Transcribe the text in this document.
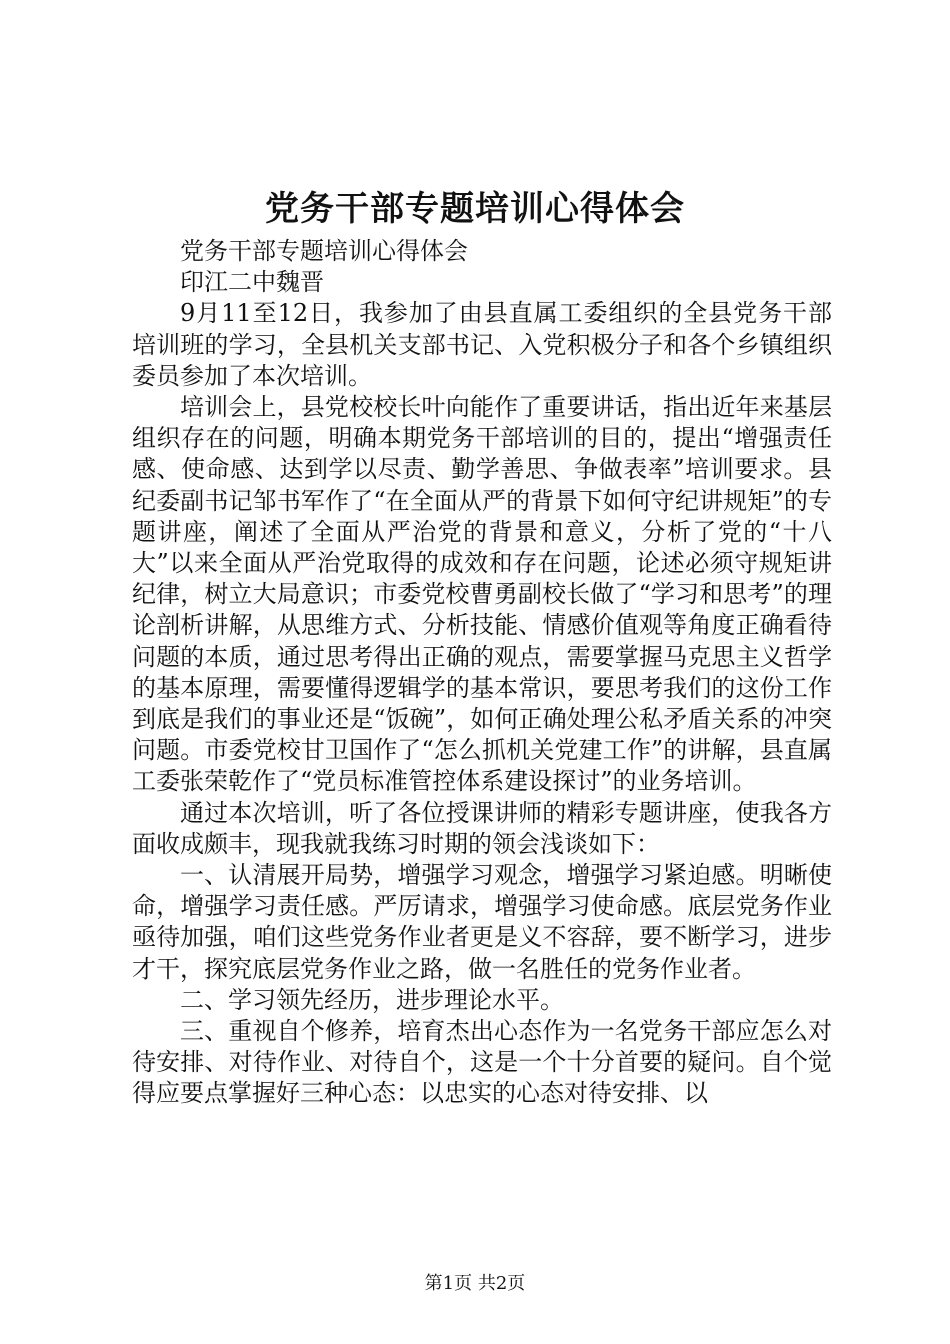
党务干部专题培训心得体会

党务干部专题培训心得体会

印江二中魏晋

9月11至12日，我参加了由县直属工委组织的全县党务干部培训班的学习，全县机关支部书记、入党积极分子和各个乡镇组织委员参加了本次培训。

培训会上，县党校校长叶向能作了重要讲话，指出近年来基层组织存在的问题，明确本期党务干部培训的目的，提出“增强责任感、使命感、达到学以尽责、勤学善思、争做表率”培训要求。县纪委副书记邹书军作了“在全面从严的背景下如何守纪讲规矩”的专题讲座，阐述了全面从严治党的背景和意义，分析了党的“十八大”以来全面从严治党取得的成效和存在问题，论述必须守规矩讲纪律，树立大局意识；市委党校曹勇副校长做了“学习和思考”的理论剖析讲解，从思维方式、分析技能、情感价值观等角度正确看待问题的本质，通过思考得出正确的观点，需要掌握马克思主义哲学的基本原理，需要懂得逻辑学的基本常识，要思考我们的这份工作到底是我们的事业还是“饭碗”，如何正确处理公私矛盾关系的冲突问题。市委党校甘卫国作了“怎么抓机关党建工作”的讲解，县直属工委张荣乾作了“党员标准管控体系建设探讨”的业务培训。

通过本次培训，听了各位授课讲师的精彩专题讲座，使我各方面收成颇丰，现我就我练习时期的领会浅谈如下：

一、认清展开局势，增强学习观念，增强学习紧迫感。明晰使命，增强学习责任感。严厉请求，增强学习使命感。底层党务作业亟待加强，咱们这些党务作业者更是义不容辞，要不断学习，进步才干，探究底层党务作业之路，做一名胜任的党务作业者。

二、学习领先经历，进步理论水平。

三、重视自个修养，培育杰出心态作为一名党务干部应怎么对待安排、对待作业、对待自个，这是一个十分首要的疑问。自个觉得应要点掌握好三种心态：以忠实的心态对待安排、以

第1页 共2页
